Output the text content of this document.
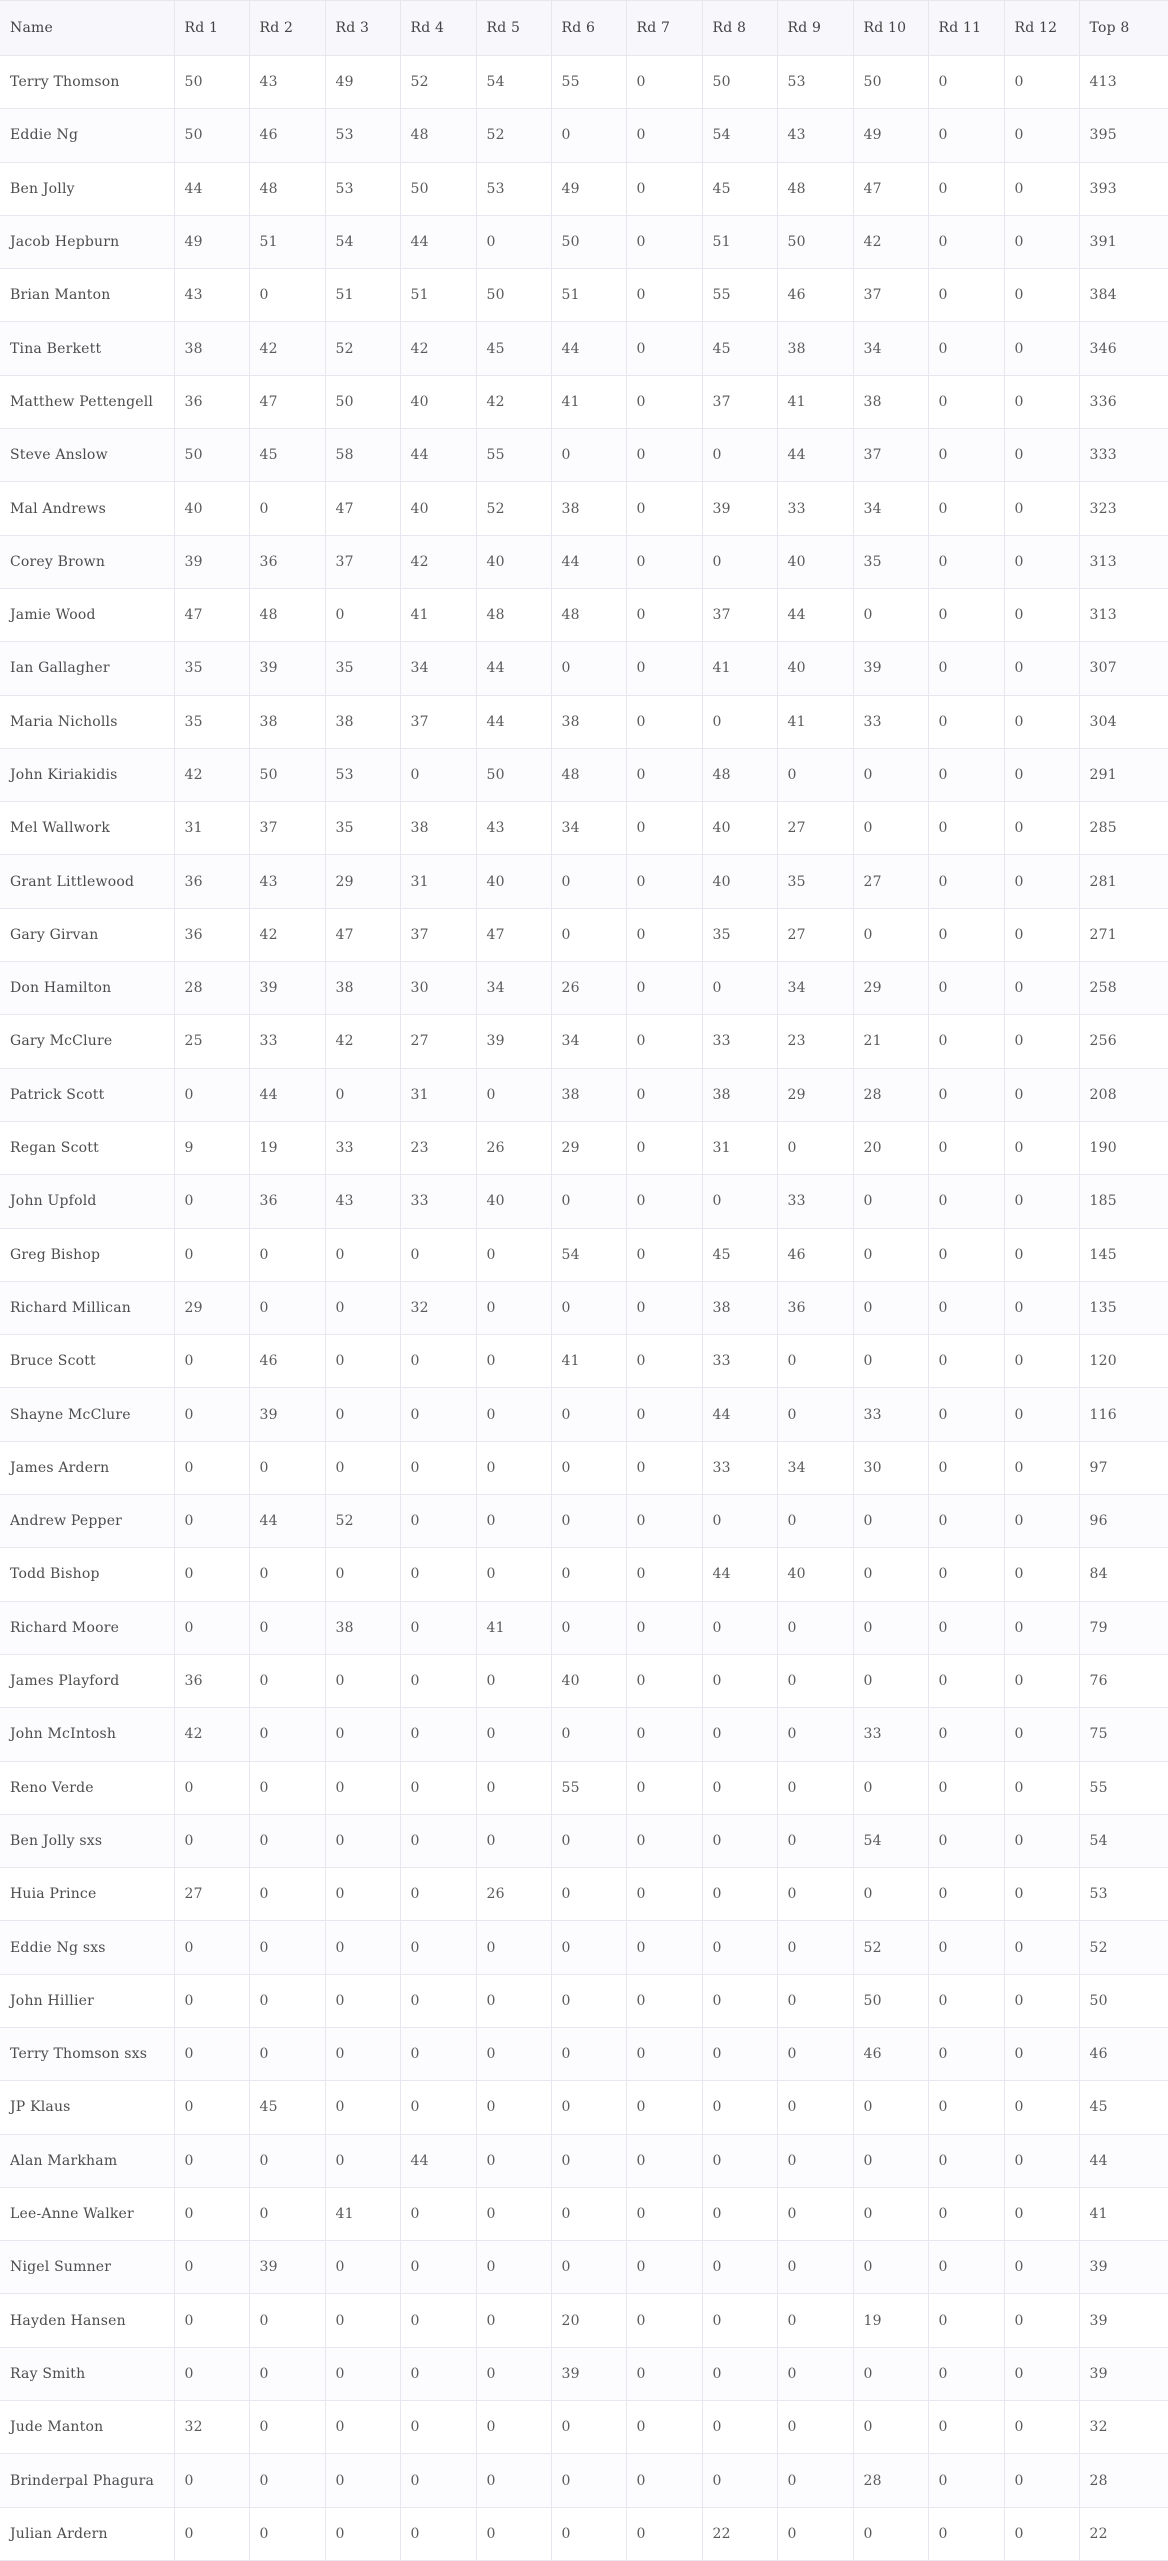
Name	Rd 1	Rd 2	Rd 3	Rd 4	Rd 5	Rd 6	Rd 7	Rd 8	Rd 9	Rd 10	Rd 11	Rd 12	Top 8
Terry Thomson	50	43	49	52	54	55	0	50	53	50	0	0	413
Eddie Ng	50	46	53	48	52	0	0	54	43	49	0	0	395
Ben Jolly	44	48	53	50	53	49	0	45	48	47	0	0	393
Jacob Hepburn	49	51	54	44	0	50	0	51	50	42	0	0	391
Brian Manton	43	0	51	51	50	51	0	55	46	37	0	0	384
Tina Berkett	38	42	52	42	45	44	0	45	38	34	0	0	346
Matthew Pettengell	36	47	50	40	42	41	0	37	41	38	0	0	336
Steve Anslow	50	45	58	44	55	0	0	0	44	37	0	0	333
Mal Andrews	40	0	47	40	52	38	0	39	33	34	0	0	323
Corey Brown	39	36	37	42	40	44	0	0	40	35	0	0	313
Jamie Wood	47	48	0	41	48	48	0	37	44	0	0	0	313
Ian Gallagher	35	39	35	34	44	0	0	41	40	39	0	0	307
Maria Nicholls	35	38	38	37	44	38	0	0	41	33	0	0	304
John Kiriakidis	42	50	53	0	50	48	0	48	0	0	0	0	291
Mel Wallwork	31	37	35	38	43	34	0	40	27	0	0	0	285
Grant Littlewood	36	43	29	31	40	0	0	40	35	27	0	0	281
Gary Girvan	36	42	47	37	47	0	0	35	27	0	0	0	271
Don Hamilton	28	39	38	30	34	26	0	0	34	29	0	0	258
Gary McClure	25	33	42	27	39	34	0	33	23	21	0	0	256
Patrick Scott	0	44	0	31	0	38	0	38	29	28	0	0	208
Regan Scott	9	19	33	23	26	29	0	31	0	20	0	0	190
John Upfold	0	36	43	33	40	0	0	0	33	0	0	0	185
Greg Bishop	0	0	0	0	0	54	0	45	46	0	0	0	145
Richard Millican	29	0	0	32	0	0	0	38	36	0	0	0	135
Bruce Scott	0	46	0	0	0	41	0	33	0	0	0	0	120
Shayne McClure	0	39	0	0	0	0	0	44	0	33	0	0	116
James Ardern	0	0	0	0	0	0	0	33	34	30	0	0	97
Andrew Pepper	0	44	52	0	0	0	0	0	0	0	0	0	96
Todd Bishop	0	0	0	0	0	0	0	44	40	0	0	0	84
Richard Moore	0	0	38	0	41	0	0	0	0	0	0	0	79
James Playford	36	0	0	0	0	40	0	0	0	0	0	0	76
John McIntosh	42	0	0	0	0	0	0	0	0	33	0	0	75
Reno Verde	0	0	0	0	0	55	0	0	0	0	0	0	55
Ben Jolly sxs	0	0	0	0	0	0	0	0	0	54	0	0	54
Huia Prince	27	0	0	0	26	0	0	0	0	0	0	0	53
Eddie Ng sxs	0	0	0	0	0	0	0	0	0	52	0	0	52
John Hillier	0	0	0	0	0	0	0	0	0	50	0	0	50
Terry Thomson sxs	0	0	0	0	0	0	0	0	0	46	0	0	46
JP Klaus	0	45	0	0	0	0	0	0	0	0	0	0	45
Alan Markham	0	0	0	44	0	0	0	0	0	0	0	0	44
Lee-Anne Walker	0	0	41	0	0	0	0	0	0	0	0	0	41
Nigel Sumner	0	39	0	0	0	0	0	0	0	0	0	0	39
Hayden Hansen	0	0	0	0	0	20	0	0	0	19	0	0	39
Ray Smith	0	0	0	0	0	39	0	0	0	0	0	0	39
Jude Manton	32	0	0	0	0	0	0	0	0	0	0	0	32
Brinderpal Phagura	0	0	0	0	0	0	0	0	0	28	0	0	28
Julian Ardern	0	0	0	0	0	0	0	22	0	0	0	0	22
